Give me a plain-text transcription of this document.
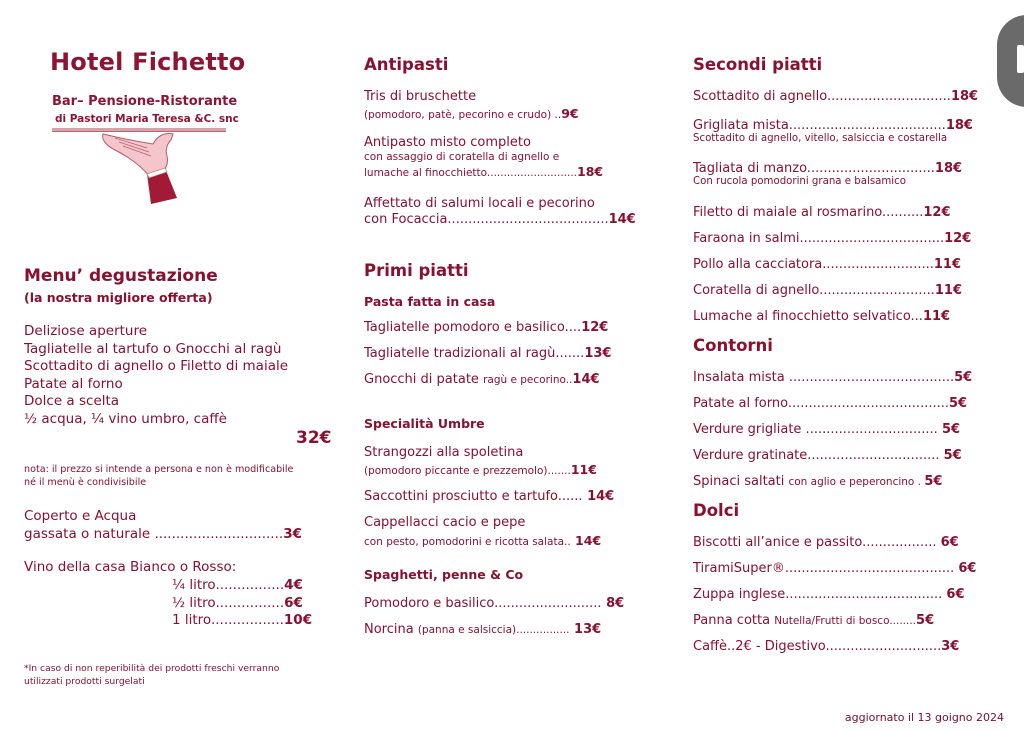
Hotel Fichetto
Bar– Pensione-Ristorante
di Pastori Maria Teresa &C. snc
Menu’ degustazione
(la nostra migliore offerta)
Deliziose aperture
Tagliatelle al tartufo o Gnocchi al ragù
Scottadito di agnello o Filetto di maiale
Patate al forno
Dolce a scelta
½ acqua, ¼ vino umbro, caffè
32€
nota: il prezzo si intende a persona e non è modificabile
né il menù è condivisibile
Coperto e Acqua
gassata o naturale ..............................3€
Vino della casa Bianco o Rosso:
¼ litro................4€
½ litro................6€
1 litro.................10€
*In caso di non reperibilità dei prodotti freschi verranno
utilizzati prodotti surgelati
Antipasti
Tris di bruschette
(pomodoro, patè, pecorino e crudo) ..9€
Antipasto misto completo
con assaggio di coratella di agnello e
lumache al finocchietto...........................18€
Affettato di salumi locali e pecorino
con Focaccia.......................................14€
Primi piatti
Pasta fatta in casa
Tagliatelle pomodoro e basilico....12€
Tagliatelle tradizionali al ragù.......13€
Gnocchi di patate ragù e pecorino..14€
Specialità Umbre
Strangozzi alla spoletina
(pomodoro piccante e prezzemolo).......11€
Saccottini prosciutto e tartufo...... 14€
Cappellacci cacio e pepe
con pesto, pomodorini e ricotta salata.. 14€
Spaghetti, penne & Co
Pomodoro e basilico.......................... 8€
Norcina (panna e salsiccia)................ 13€
Secondi piatti
Scottadito di agnello..............................18€
Grigliata mista......................................18€
Scottadito di agnello, vitello, salsiccia e costarella
Tagliata di manzo...............................18€
Con rucola pomodorini grana e balsamico
Filetto di maiale al rosmarino..........12€
Faraona in salmi...................................12€
Pollo alla cacciatora...........................11€
Coratella di agnello............................11€
Lumache al finocchietto selvatico...11€
Contorni
Insalata mista ........................................5€
Patate al forno.......................................5€
Verdure grigliate ................................ 5€
Verdure gratinate................................ 5€
Spinaci saltati con aglio e peperoncino . 5€
Dolci
Biscotti all’anice e passito.................. 6€
TiramiSuper®......................................... 6€
Zuppa inglese...................................... 6€
Panna cotta Nutella/Frutti di bosco........5€
Caffè..2€ - Digestivo............................3€
aggiornato il 13 goigno 2024
